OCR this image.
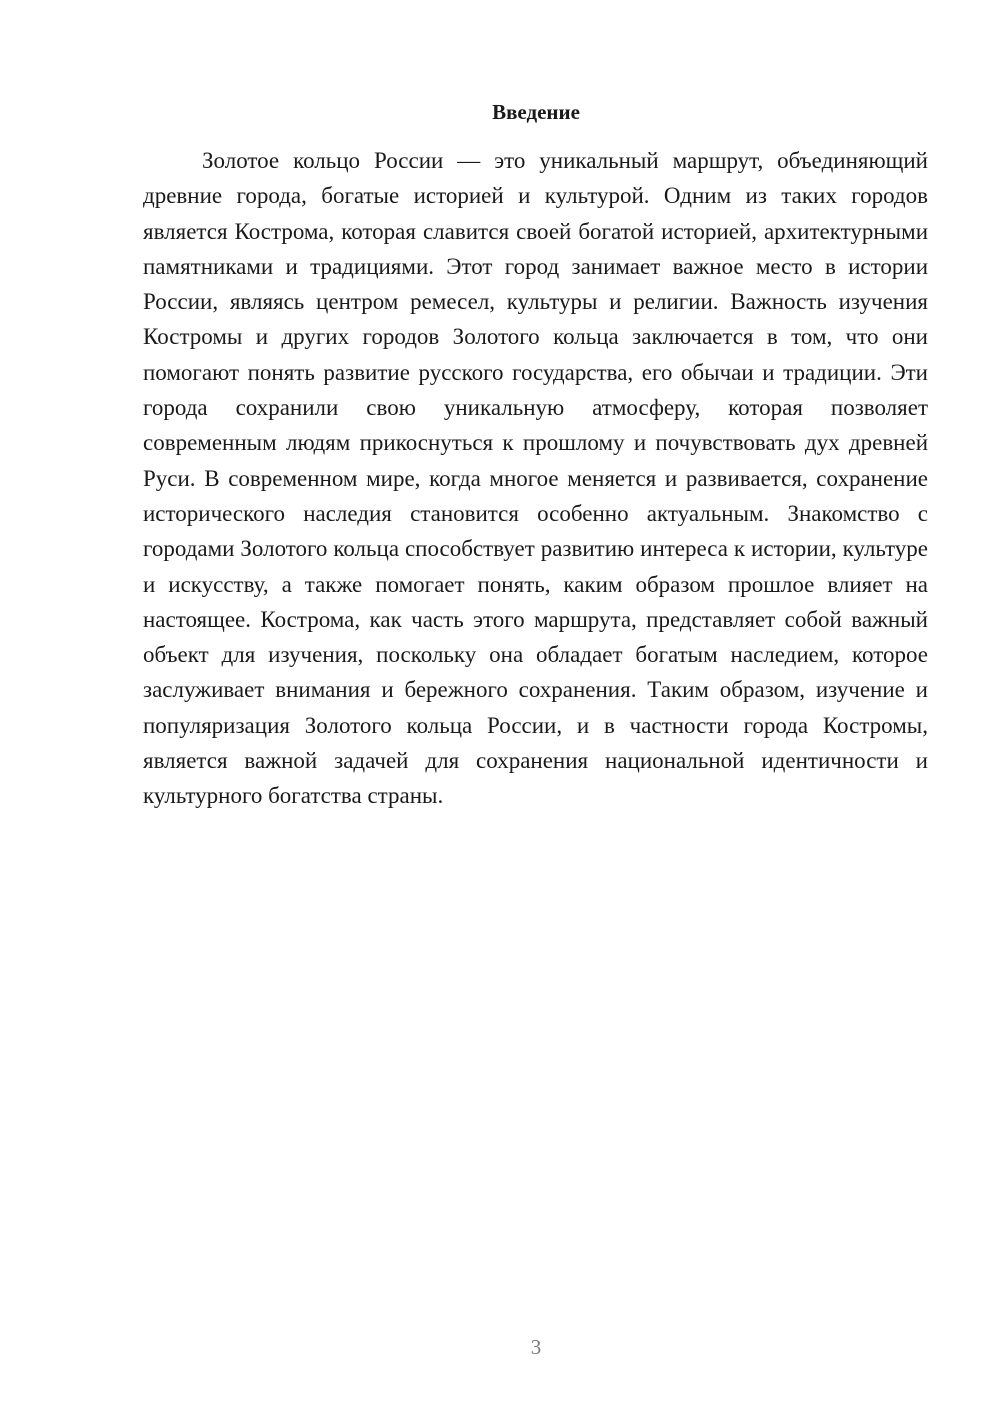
Введение

Золотое кольцо России — это уникальный маршрут, объединяющий древние города, богатые историей и культурой. Одним из таких городов является Кострома, которая славится своей богатой историей, архитектурными памятниками и традициями. Этот город занимает важное место в истории России, являясь центром ремесел, культуры и религии. Важность изучения Костромы и других городов Золотого кольца заключается в том, что они помогают понять развитие русского государства, его обычаи и традиции. Эти города сохранили свою уникальную атмосферу, которая позволяет современным людям прикоснуться к прошлому и почувствовать дух древней Руси. В современном мире, когда многое меняется и развивается, сохранение исторического наследия становится особенно актуальным. Знакомство с городами Золотого кольца способствует развитию интереса к истории, культуре и искусству, а также помогает понять, каким образом прошлое влияет на настоящее. Кострома, как часть этого маршрута, представляет собой важный объект для изучения, поскольку она обладает богатым наследием, которое заслуживает внимания и бережного сохранения. Таким образом, изучение и популяризация Золотого кольца России, и в частности города Костромы, является важной задачей для сохранения национальной идентичности и культурного богатства страны.

3
